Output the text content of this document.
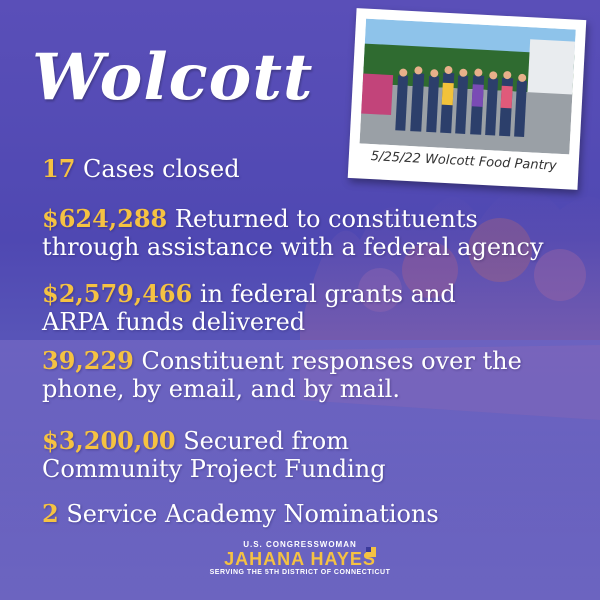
Wolcott
5/25/22 Wolcott Food Pantry
17 Cases closed
$624,288 Returned to constituents
through assistance with a federal agency
$2,579,466 in federal grants and
ARPA funds delivered
39,229 Constituent responses over the
phone, by email, and by mail.
$3,200,00 Secured from
Community Project Funding
2 Service Academy Nominations
U.S. CONGRESSWOMAN
JAHANA HAYES
SERVING THE 5TH DISTRICT OF CONNECTICUT
